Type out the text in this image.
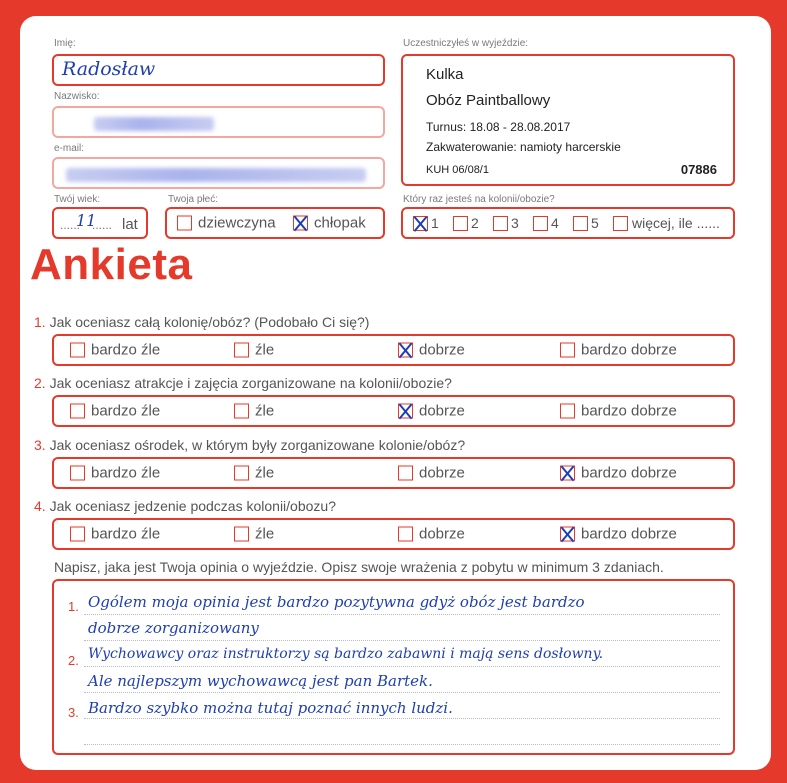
Imię:
Radosław
Nazwisko:
e-mail:
Twój wiek:
......
11
...... lat
Twoja płeć:
dziewczyna	chłopak
Uczestniczyłeś w wyjeździe:
Kulka
Obóz Paintballowy
Turnus: 18.08 - 28.08.2017
Zakwaterowanie: namioty harcerskie
KUH 06/08/1	07886
Który raz jesteś na kolonii/obozie?
1 2 3 4 5 więcej, ile ......
Ankieta
1. Jak oceniasz całą kolonię/obóz? (Podobało Ci się?)
bardzo źle	źle	dobrze	bardzo dobrze
2. Jak oceniasz atrakcje i zajęcia zorganizowane na kolonii/obozie?
bardzo źle	źle	dobrze	bardzo dobrze
3. Jak oceniasz ośrodek, w którym były zorganizowane kolonie/obóz?
bardzo źle	źle	dobrze	bardzo dobrze
4. Jak oceniasz jedzenie podczas kolonii/obozu?
bardzo źle	źle	dobrze	bardzo dobrze
Napisz, jaka jest Twoja opinia o wyjeździe. Opisz swoje wrażenia z pobytu w minimum 3 zdaniach.
1.
2.
3.
Ogólem moja opinia jest bardzo pozytywna gdyż obóz jest bardzo
dobrze zorganizowany
Wychowawcy oraz instruktorzy są bardzo zabawni i mają sens dosłowny.
Ale najlepszym wychowawcą jest pan Bartek.
Bardzo szybko można tutaj poznać innych ludzi.
